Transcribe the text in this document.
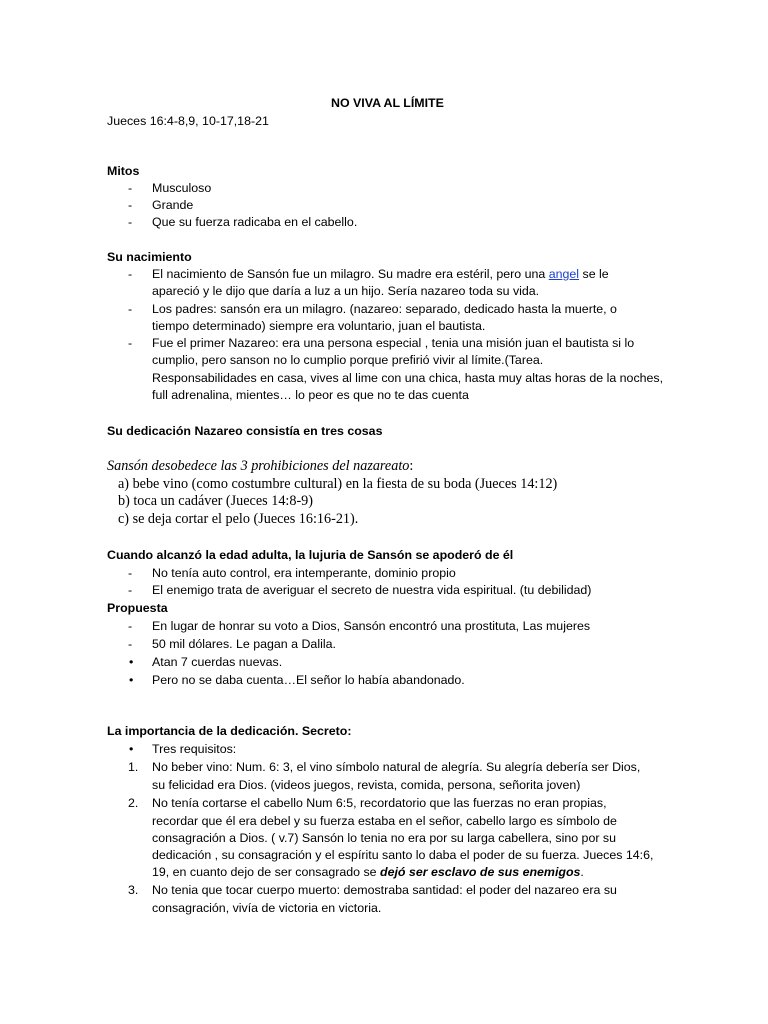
NO VIVA AL LÍMITE
Jueces 16:4-8,9, 10-17,18-21
Mitos
- Musculoso
- Grande
- Que su fuerza radicaba en el cabello.
Su nacimiento
- El nacimiento de Sansón fue un milagro. Su madre era estéril, pero una angel se le
apareció y le dijo que daría a luz a un hijo. Sería nazareo toda su vida.
- Los padres: sansón era un milagro. (nazareo: separado, dedicado hasta la muerte, o
tiempo determinado) siempre era voluntario, juan el bautista.
- Fue el primer Nazareo: era una persona especial , tenia una misión juan el bautista si lo
cumplio, pero sanson no lo cumplio porque prefirió vivir al límite.(Tarea.
Responsabilidades en casa, vives al lime con una chica, hasta muy altas horas de la noches,
full adrenalina, mientes… lo peor es que no te das cuenta
Su dedicación Nazareo consistía en tres cosas
Sansón desobedece las 3 prohibiciones del nazareato:
a) bebe vino (como costumbre cultural) en la fiesta de su boda (Jueces 14:12)
b) toca un cadáver (Jueces 14:8-9)
c) se deja cortar el pelo (Jueces 16:16-21).
Cuando alcanzó la edad adulta, la lujuria de Sansón se apoderó de él
- No tenía auto control, era intemperante, dominio propio
- El enemigo trata de averiguar el secreto de nuestra vida espiritual. (tu debilidad)
Propuesta
- En lugar de honrar su voto a Dios, Sansón encontró una prostituta, Las mujeres
- 50 mil dólares. Le pagan a Dalila.
• Atan 7 cuerdas nuevas.
• Pero no se daba cuenta…El señor lo había abandonado.
La importancia de la dedicación. Secreto:
• Tres requisitos:
1. No beber vino: Num. 6: 3, el vino símbolo natural de alegría. Su alegría debería ser Dios,
su felicidad era Dios. (videos juegos, revista, comida, persona, señorita joven)
2. No tenía cortarse el cabello Num 6:5, recordatorio que las fuerzas no eran propias,
recordar que él era debel y su fuerza estaba en el señor, cabello largo es símbolo de
consagración a Dios. ( v.7) Sansón lo tenia no era por su larga cabellera, sino por su
dedicación , su consagración y el espíritu santo lo daba el poder de su fuerza. Jueces 14:6,
19, en cuanto dejo de ser consagrado se dejó ser esclavo de sus enemigos.
3. No tenia que tocar cuerpo muerto: demostraba santidad: el poder del nazareo era su
consagración, vivía de victoria en victoria.
